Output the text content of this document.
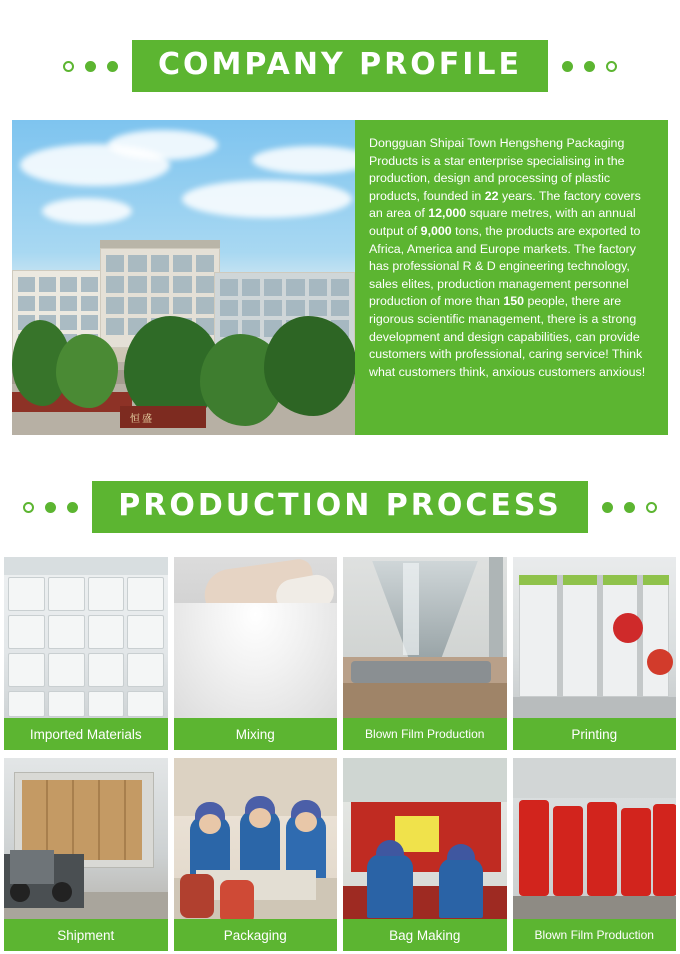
COMPANY PROFILE
恒盛
Dongguan Shipai Town Hengsheng Packaging Products is a star enterprise specialising in the production, design and processing of plastic products, founded in 22 years. The factory covers an area of 12,000 square metres, with an annual output of 9,000 tons, the products are exported to Africa, America and Europe markets. The factory has professional R & D engineering technology, sales elites, production management personnel production of more than 150 people, there are rigorous scientific management, there is a strong development and design capabilities, can provide customers with professional, caring service! Think what customers think, anxious customers anxious!
PRODUCTION PROCESS
Imported Materials	Mixing	Blown Film Production	Printing
Shipment	Packaging	Bag Making	Blown Film Production
